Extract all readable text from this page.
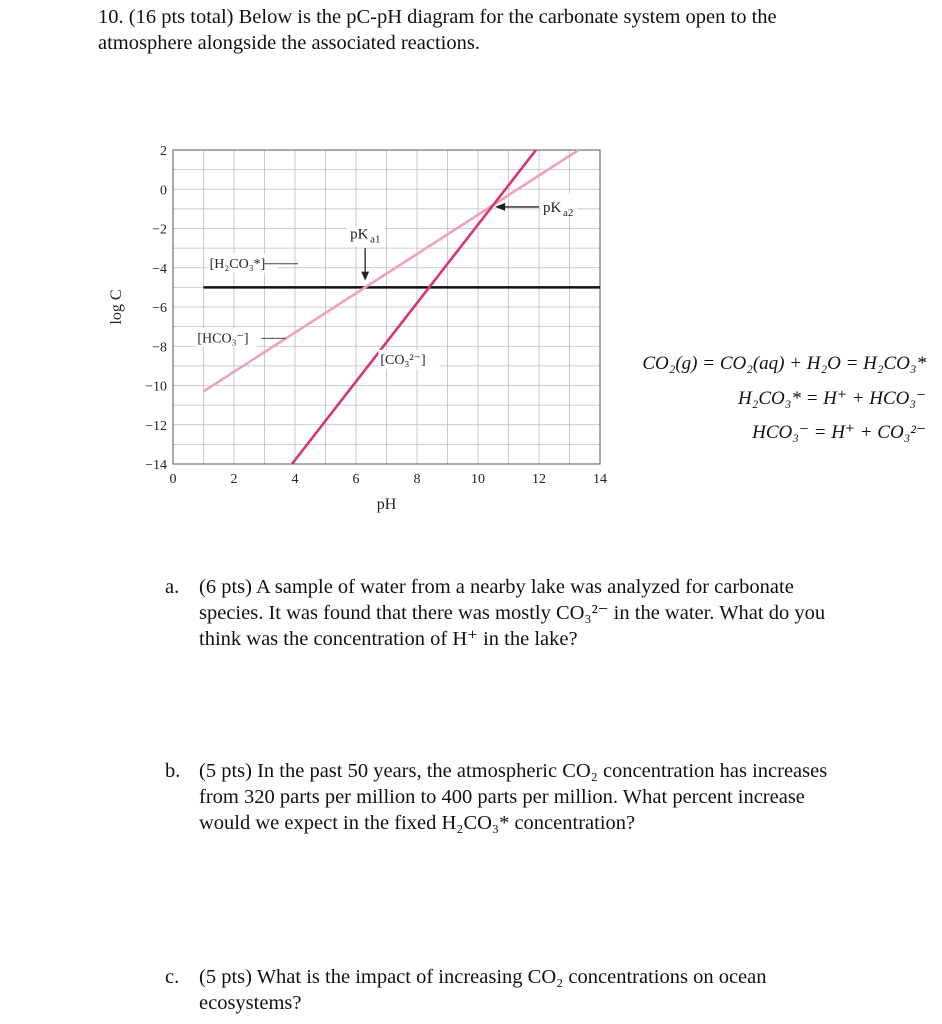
10. (16 pts total) Below is the pC-pH diagram for the carbonate system open to the
atmosphere alongside the associated reactions.
[H₂CO₃*]
[HCO₃⁻]
[CO₃²⁻]
0	2	4	6	8	10	12	14
2
0
−2
−4
−6
−8
−10
−12
−14
pK a1
pK a2
pH
log C
CO₂(g) = CO₂(aq) + H₂O = H₂CO₃*
H₂CO₃* = H⁺ + HCO₃⁻
HCO₃⁻ = H⁺ + CO₃²⁻
a. (6 pts) A sample of water from a nearby lake was analyzed for carbonate
species. It was found that there was mostly CO₃²⁻ in the water. What do you
think was the concentration of H⁺ in the lake?
b. (5 pts) In the past 50 years, the atmospheric CO₂ concentration has increases
from 320 parts per million to 400 parts per million. What percent increase
would we expect in the fixed H₂CO₃* concentration?
c. (5 pts) What is the impact of increasing CO₂ concentrations on ocean
ecosystems?
